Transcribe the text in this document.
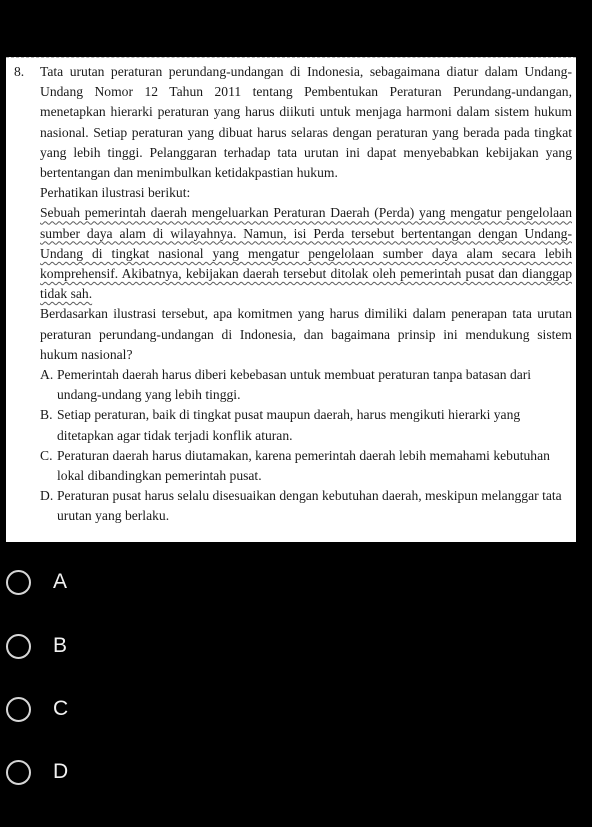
8.	Tata urutan peraturan perundang-undangan di Indonesia, sebagaimana diatur dalam Undang-Undang Nomor 12 Tahun 2011 tentang Pembentukan Peraturan Perundang-undangan, menetapkan hierarki peraturan yang harus diikuti untuk menjaga harmoni dalam sistem hukum nasional. Setiap peraturan yang dibuat harus selaras dengan peraturan yang berada pada tingkat yang lebih tinggi. Pelanggaran terhadap tata urutan ini dapat menyebabkan kebijakan yang bertentangan dan menimbulkan ketidakpastian hukum.

Perhatikan ilustrasi berikut:

Sebuah pemerintah daerah mengeluarkan Peraturan Daerah (Perda) yang mengatur pengelolaan sumber daya alam di wilayahnya. Namun, isi Perda tersebut bertentangan dengan Undang-Undang di tingkat nasional yang mengatur pengelolaan sumber daya alam secara lebih komprehensif. Akibatnya, kebijakan daerah tersebut ditolak oleh pemerintah pusat dan dianggap tidak sah.

Berdasarkan ilustrasi tersebut, apa komitmen yang harus dimiliki dalam penerapan tata urutan peraturan perundang-undangan di Indonesia, dan bagaimana prinsip ini mendukung sistem hukum nasional?

A. Pemerintah daerah harus diberi kebebasan untuk membuat peraturan tanpa batasan dari undang-undang yang lebih tinggi.
B. Setiap peraturan, baik di tingkat pusat maupun daerah, harus mengikuti hierarki yang ditetapkan agar tidak terjadi konflik aturan.
C. Peraturan daerah harus diutamakan, karena pemerintah daerah lebih memahami kebutuhan lokal dibandingkan pemerintah pusat.
D. Peraturan pusat harus selalu disesuaikan dengan kebutuhan daerah, meskipun melanggar tata urutan yang berlaku.
A
B
C
D
